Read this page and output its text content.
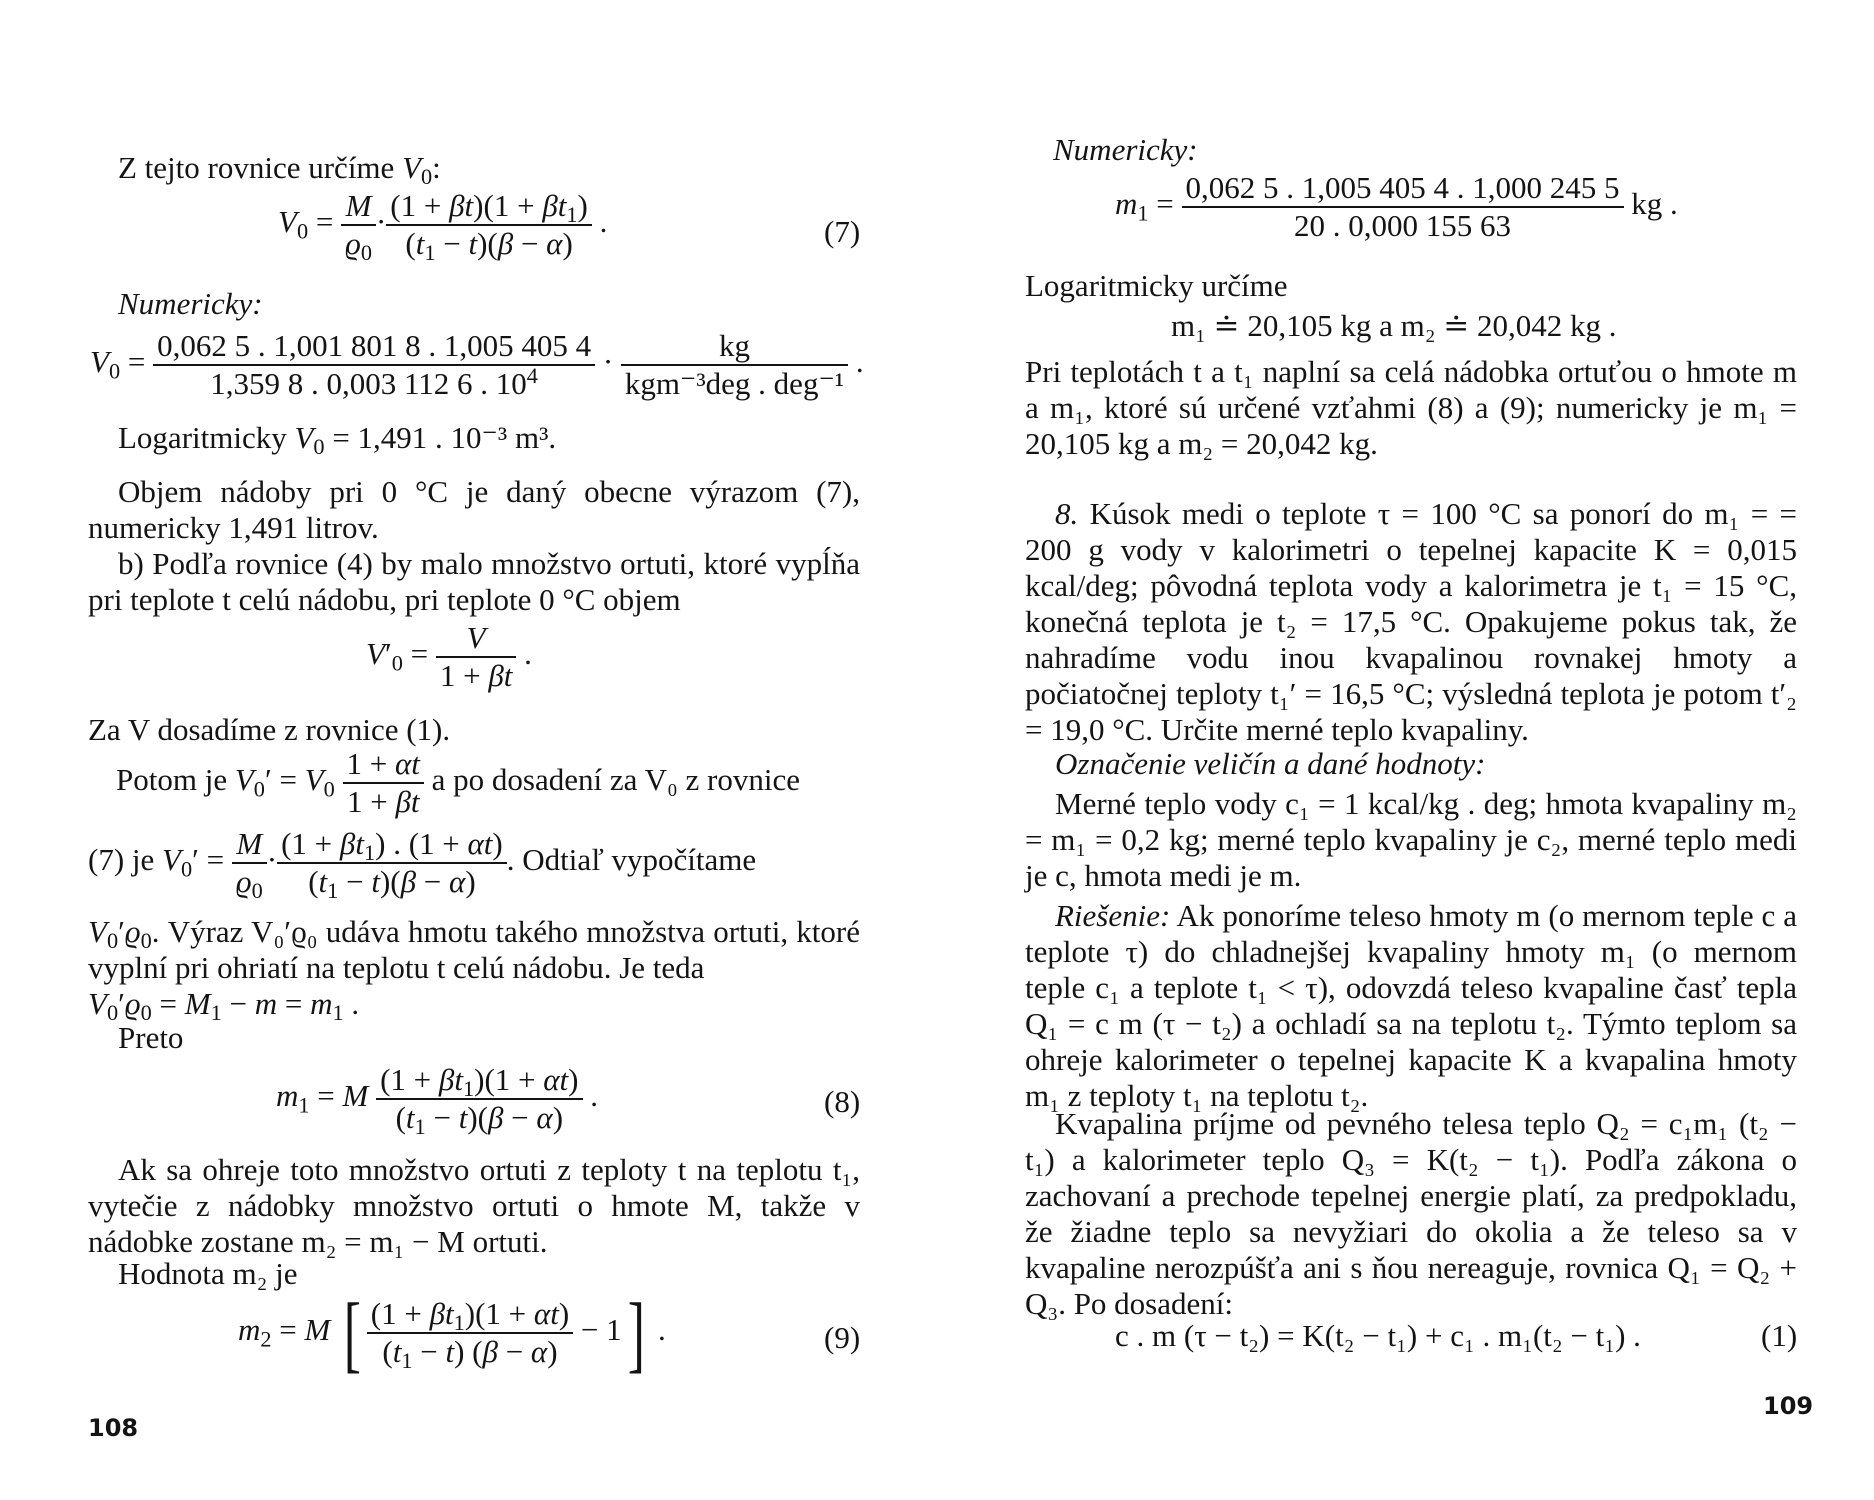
Z tejto rovnice určíme $V_0$:
$V_0 = \frac{M}{ϱ_0} \cdot \frac{(1 + \beta t)(1 + \beta t_1)}{(t_1 - t)(\beta - \alpha)}$ .	(7)
Numericky:
$V_0 = \frac{0,062 5 . 1,001 801 8 . 1,005 405 4}{1,359 8 . 0,003 112 6 . 10^4} \cdot \frac{kg}{\text{kgm⁻³deg . deg⁻¹}}$ .
Logaritmicky $V_0 = 1,491$ . 10⁻³ m³.
Objem nádoby pri 0 °C je daný obecne výrazom (7), numericky 1,491 litrov.
b) Podľa rovnice (4) by malo množstvo ortuti, ktoré vypĺňa pri teplote t celú nádobu, pri teplote 0 °C objem
$V'_0 = \frac{V}{1 + \beta t}$ .
Za V dosadíme z rovnice (1).
Potom je $V_0' = V_0 \frac{1 + \alpha t}{1 + \beta t}$ a po dosadení za V₀ z rovnice
(7) je $V_0' = \frac{M}{ϱ_0} \cdot \frac{(1 + \beta t_1) . (1 + \alpha t)}{(t_1 - t)(\beta - \alpha)}$ . Odtiaľ vypočítame
$V_0'ϱ_0$. Výraz V₀′ϱ₀ udáva hmotu takého množstva ortuti, ktoré vyplní pri ohriatí na teplotu t celú nádobu. Je teda
$V_0'ϱ_0 = M_1 - m = m_1$ .
Preto
$m_1 = M \frac{(1 + \beta t_1)(1 + \alpha t)}{(t_1 - t)(\beta - \alpha)}$ .	(8)
Ak sa ohreje toto množstvo ortuti z teploty t na teplotu t₁, vytečie z nádobky množstvo ortuti o hmote M, takže v nádobke zostane m₂ = m₁ − M ortuti.
Hodnota m₂ je
$m_2 = M$ [ $\frac{(1 + \beta t_1)(1 + \alpha t)}{(t_1 - t) (\beta - \alpha)} - 1$] .	(9)
108
Numericky:
$m_1 = \frac{0,062 5 . 1,005 405 4 . 1,000 245 5}{20 . 0,000 155 63}$ kg .
Logaritmicky určíme
m₁ ≐ 20,105 kg a m₂ ≐ 20,042 kg .
Pri teplotách t a t₁ naplní sa celá nádobka ortuťou o hmote m a m₁, ktoré sú určené vzťahmi (8) a (9); numericky je m₁ = 20,105 kg a m₂ = 20,042 kg.
8. Kúsok medi o teplote τ = 100 °C sa ponorí do m₁ = = 200 g vody v kalorimetri o tepelnej kapacite K = 0,015 kcal/deg; pôvodná teplota vody a kalorimetra je t₁ = 15 °C, konečná teplota je t₂ = 17,5 °C. Opakujeme pokus tak, že nahradíme vodu inou kvapalinou rovnakej hmoty a počiatočnej teploty t₁′ = 16,5 °C; výsledná teplota je potom t′₂ = 19,0 °C. Určite merné teplo kvapaliny.
Označenie veličín a dané hodnoty:
Merné teplo vody c₁ = 1 kcal/kg . deg; hmota kvapaliny m₂ = m₁ = 0,2 kg; merné teplo kvapaliny je c₂, merné teplo medi je c, hmota medi je m.
Riešenie: Ak ponoríme teleso hmoty m (o mernom teple c a teplote τ) do chladnejšej kvapaliny hmoty m₁ (o mernom teple c₁ a teplote t₁ < τ), odovzdá teleso kvapaline časť tepla Q₁ = c m (τ − t₂) a ochladí sa na teplotu t₂. Týmto teplom sa ohreje kalorimeter o tepelnej kapacite K a kvapalina hmoty m₁ z teploty t₁ na teplotu t₂.
Kvapalina príjme od pevného telesa teplo Q₂ = c₁m₁ (t₂ − t₁) a kalorimeter teplo Q₃ = K(t₂ − t₁). Podľa zákona o zachovaní a prechode tepelnej energie platí, za predpokladu, že žiadne teplo sa nevyžiari do okolia a že teleso sa v kvapaline nerozpúšťa ani s ňou nereaguje, rovnica Q₁ = Q₂ + Q₃. Po dosadení:
c . m (τ − t₂) = K(t₂ − t₁) + c₁ . m₁(t₂ − t₁) .	(1)
109
